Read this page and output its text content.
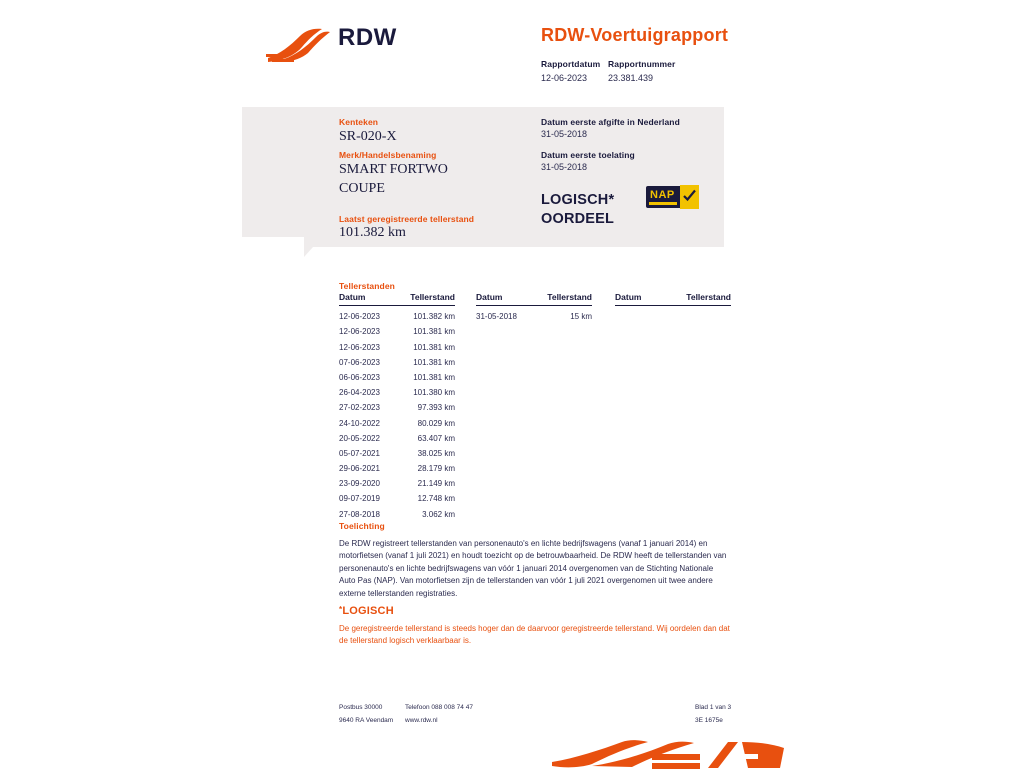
RDW	RDW-Voertuigrapport
Rapportdatum
12-06-2023
Rapportnummer
23.381.439
Kenteken
SR-020-X
Merk/Handelsbenaming
SMART FORTWO
COUPE
Laatst geregistreerde tellerstand
101.382 km
Datum eerste afgifte in Nederland
31-05-2018
Datum eerste toelating
31-05-2018
LOGISCH*
OORDEEL
NAP
Tellerstanden
Datum	Tellerstand
12-06-2023	101.382 km
12-06-2023	101.381 km
12-06-2023	101.381 km
07-06-2023	101.381 km
06-06-2023	101.381 km
26-04-2023	101.380 km
27-02-2023	97.393 km
24-10-2022	80.029 km
20-05-2022	63.407 km
05-07-2021	38.025 km
29-06-2021	28.179 km
23-09-2020	21.149 km
09-07-2019	12.748 km
27-08-2018	3.062 km
Datum	Tellerstand
31-05-2018	15 km
Datum	Tellerstand
Toelichting
De RDW registreert tellerstanden van personenauto's en lichte bedrijfswagens (vanaf 1 januari 2014) en motorfietsen (vanaf 1 juli 2021) en houdt toezicht op de betrouwbaarheid. De RDW heeft de tellerstanden van personenauto's en lichte bedrijfswagens van vóór 1 januari 2014 overgenomen van de Stichting Nationale Auto Pas (NAP). Van motorfietsen zijn de tellerstanden van vóór 1 juli 2021 overgenomen uit twee andere externe tellerstanden registraties.
*LOGISCH
De geregistreerde tellerstand is steeds hoger dan de daarvoor geregistreerde tellerstand. Wij oordelen dan dat de tellerstand logisch verklaarbaar is.
Postbus 30000
9640 RA Veendam
Telefoon 088 008 74 47
www.rdw.nl
Blad 1 van 3
3E 1675e
